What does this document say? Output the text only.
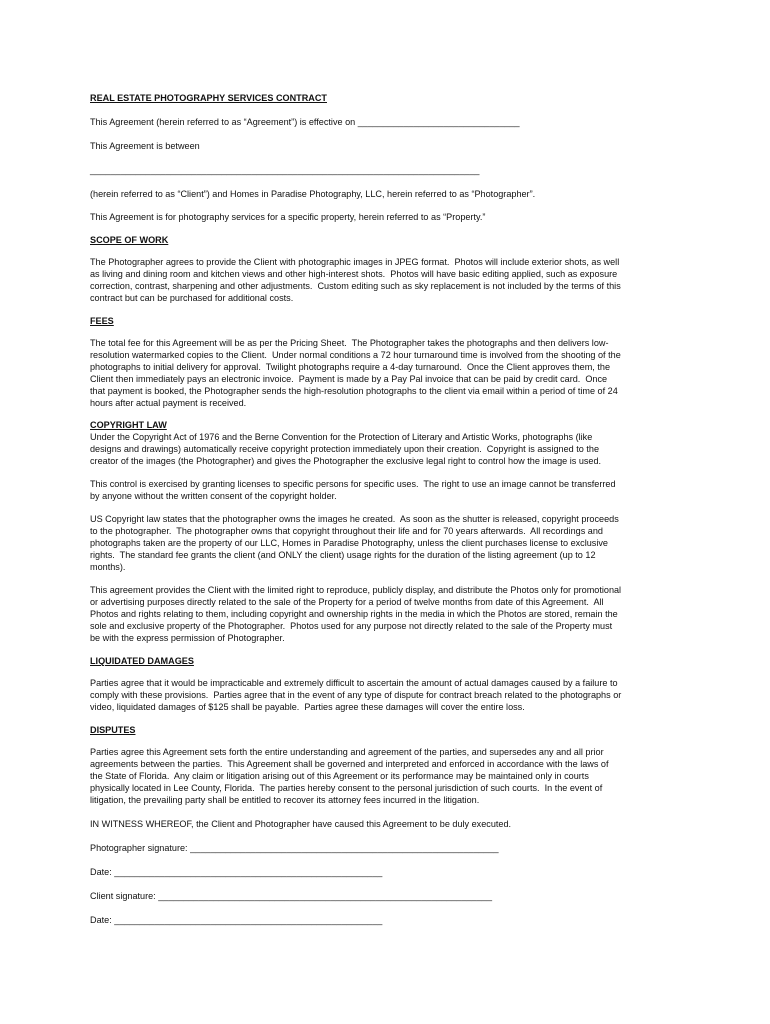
REAL ESTATE PHOTOGRAPHY SERVICES CONTRACT

This Agreement (herein referred to as “Agreement”) is effective on ________________________________

This Agreement is between

_____________________________________________________________________________

(herein referred to as “Client”) and Homes in Paradise Photography, LLC, herein referred to as “Photographer”.

This Agreement is for photography services for a specific property, herein referred to as “Property.”

SCOPE OF WORK

The Photographer agrees to provide the Client with photographic images in JPEG format.  Photos will include exterior shots, as well
as living and dining room and kitchen views and other high-interest shots.  Photos will have basic editing applied, such as exposure
correction, contrast, sharpening and other adjustments.  Custom editing such as sky replacement is not included by the terms of this
contract but can be purchased for additional costs.

FEES

The total fee for this Agreement will be as per the Pricing Sheet.  The Photographer takes the photographs and then delivers low-
resolution watermarked copies to the Client.  Under normal conditions a 72 hour turnaround time is involved from the shooting of the
photographs to initial delivery for approval.  Twilight photographs require a 4-day turnaround.  Once the Client approves them, the
Client then immediately pays an electronic invoice.  Payment is made by a Pay Pal invoice that can be paid by credit card.  Once
that payment is booked, the Photographer sends the high-resolution photographs to the client via email within a period of time of 24
hours after actual payment is received.

COPYRIGHT LAW

Under the Copyright Act of 1976 and the Berne Convention for the Protection of Literary and Artistic Works, photographs (like
designs and drawings) automatically receive copyright protection immediately upon their creation.  Copyright is assigned to the
creator of the images (the Photographer) and gives the Photographer the exclusive legal right to control how the image is used.

This control is exercised by granting licenses to specific persons for specific uses.  The right to use an image cannot be transferred
by anyone without the written consent of the copyright holder.

US Copyright law states that the photographer owns the images he created.  As soon as the shutter is released, copyright proceeds
to the photographer.  The photographer owns that copyright throughout their life and for 70 years afterwards.  All recordings and
photographs taken are the property of our LLC, Homes in Paradise Photography, unless the client purchases license to exclusive
rights.  The standard fee grants the client (and ONLY the client) usage rights for the duration of the listing agreement (up to 12
months).

This agreement provides the Client with the limited right to reproduce, publicly display, and distribute the Photos only for promotional
or advertising purposes directly related to the sale of the Property for a period of twelve months from date of this Agreement.  All
Photos and rights relating to them, including copyright and ownership rights in the media in which the Photos are stored, remain the
sole and exclusive property of the Photographer.  Photos used for any purpose not directly related to the sale of the Property must
be with the express permission of Photographer.

LIQUIDATED DAMAGES

Parties agree that it would be impracticable and extremely difficult to ascertain the amount of actual damages caused by a failure to
comply with these provisions.  Parties agree that in the event of any type of dispute for contract breach related to the photographs or
video, liquidated damages of $125 shall be payable.  Parties agree these damages will cover the entire loss.

DISPUTES

Parties agree this Agreement sets forth the entire understanding and agreement of the parties, and supersedes any and all prior
agreements between the parties.  This Agreement shall be governed and interpreted and enforced in accordance with the laws of
the State of Florida.  Any claim or litigation arising out of this Agreement or its performance may be maintained only in courts
physically located in Lee County, Florida.  The parties hereby consent to the personal jurisdiction of such courts.  In the event of
litigation, the prevailing party shall be entitled to recover its attorney fees incurred in the litigation.

IN WITNESS WHEREOF, the Client and Photographer have caused this Agreement to be duly executed.

Photographer signature: _____________________________________________________________

Date: _____________________________________________________

Client signature: __________________________________________________________________

Date: _____________________________________________________
